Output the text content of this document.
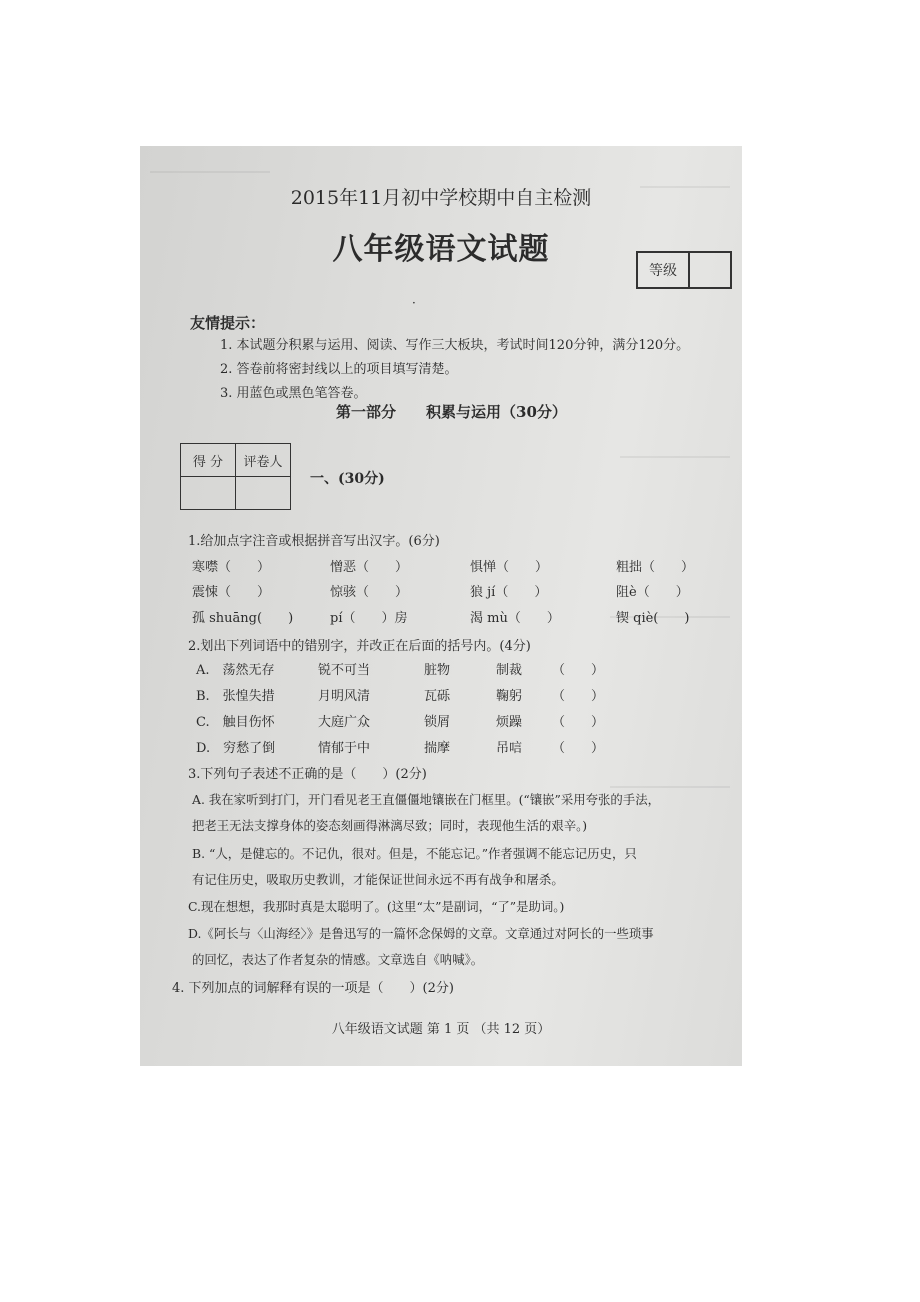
2015年11月初中学校期中自主检测
八年级语文试题
等级
·
友情提示：
1. 本试题分积累与运用、阅读、写作三大板块，考试时间120分钟，满分120分。
2. 答卷前将密封线以上的项目填写清楚。
3. 用蓝色或黑色笔答卷。
第一部分　　积累与运用（30分）
得 分	评卷人

一、(30分)
1.给加点字注音或根据拼音写出汉字。(6分)
寒噤（　　）	憎恶（　　）	惧惮（　　）	粗拙（　　）
震悚（　　）	惊骇（　　）	狼 jí（　　）	阻è（　　）
孤 shuāng(　　)	pí（　　）房	渴 mù（　　）	锲 qiè(　　)
2.划出下列词语中的错别字，并改正在后面的括号内。(4分)
A.　荡然无存	锐不可当	脏物	制裁 （　　）
B.　张惶失措	月明风清	瓦砾	鞠躬 （　　）
C.　触目伤怀	大庭广众	锁屑	烦躁 （　　）
D.　穷愁了倒	情郁于中	揣摩	吊唁 （　　）
3.下列句子表述不正确的是（　　）(2分)
A. 我在家听到打门，开门看见老王直僵僵地镶嵌在门框里。(“镶嵌”采用夸张的手法，
把老王无法支撑身体的姿态刻画得淋漓尽致；同时，表现他生活的艰辛。)
B. “人，是健忘的。不记仇，很对。但是，不能忘记。”作者强调不能忘记历史，只
有记住历史，吸取历史教训，才能保证世间永远不再有战争和屠杀。
C.现在想想，我那时真是太聪明了。(这里“太”是副词，“了”是助词。)
D.《阿长与〈山海经〉》是鲁迅写的一篇怀念保姆的文章。文章通过对阿长的一些琐事
的回忆，表达了作者复杂的情感。文章选自《呐喊》。
4. 下列加点的词解释有误的一项是（　　）(2分)
八年级语文试题 第 1 页 （共 12 页）
